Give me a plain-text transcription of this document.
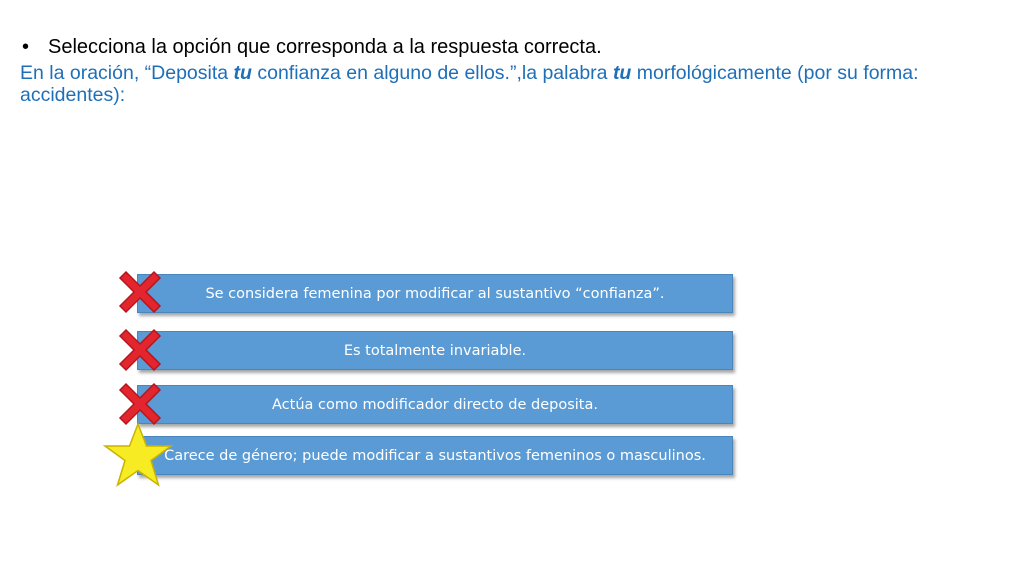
• Selecciona la opción que corresponda a la respuesta correcta.
En la oración, “Deposita tu confianza en alguno de ellos.”,la palabra tu morfológicamente (por su forma: accidentes):
Se considera femenina por modificar al sustantivo “confianza”.
Es totalmente invariable.
Actúa como modificador directo de deposita.
Carece de género; puede modificar a sustantivos femeninos o masculinos.
